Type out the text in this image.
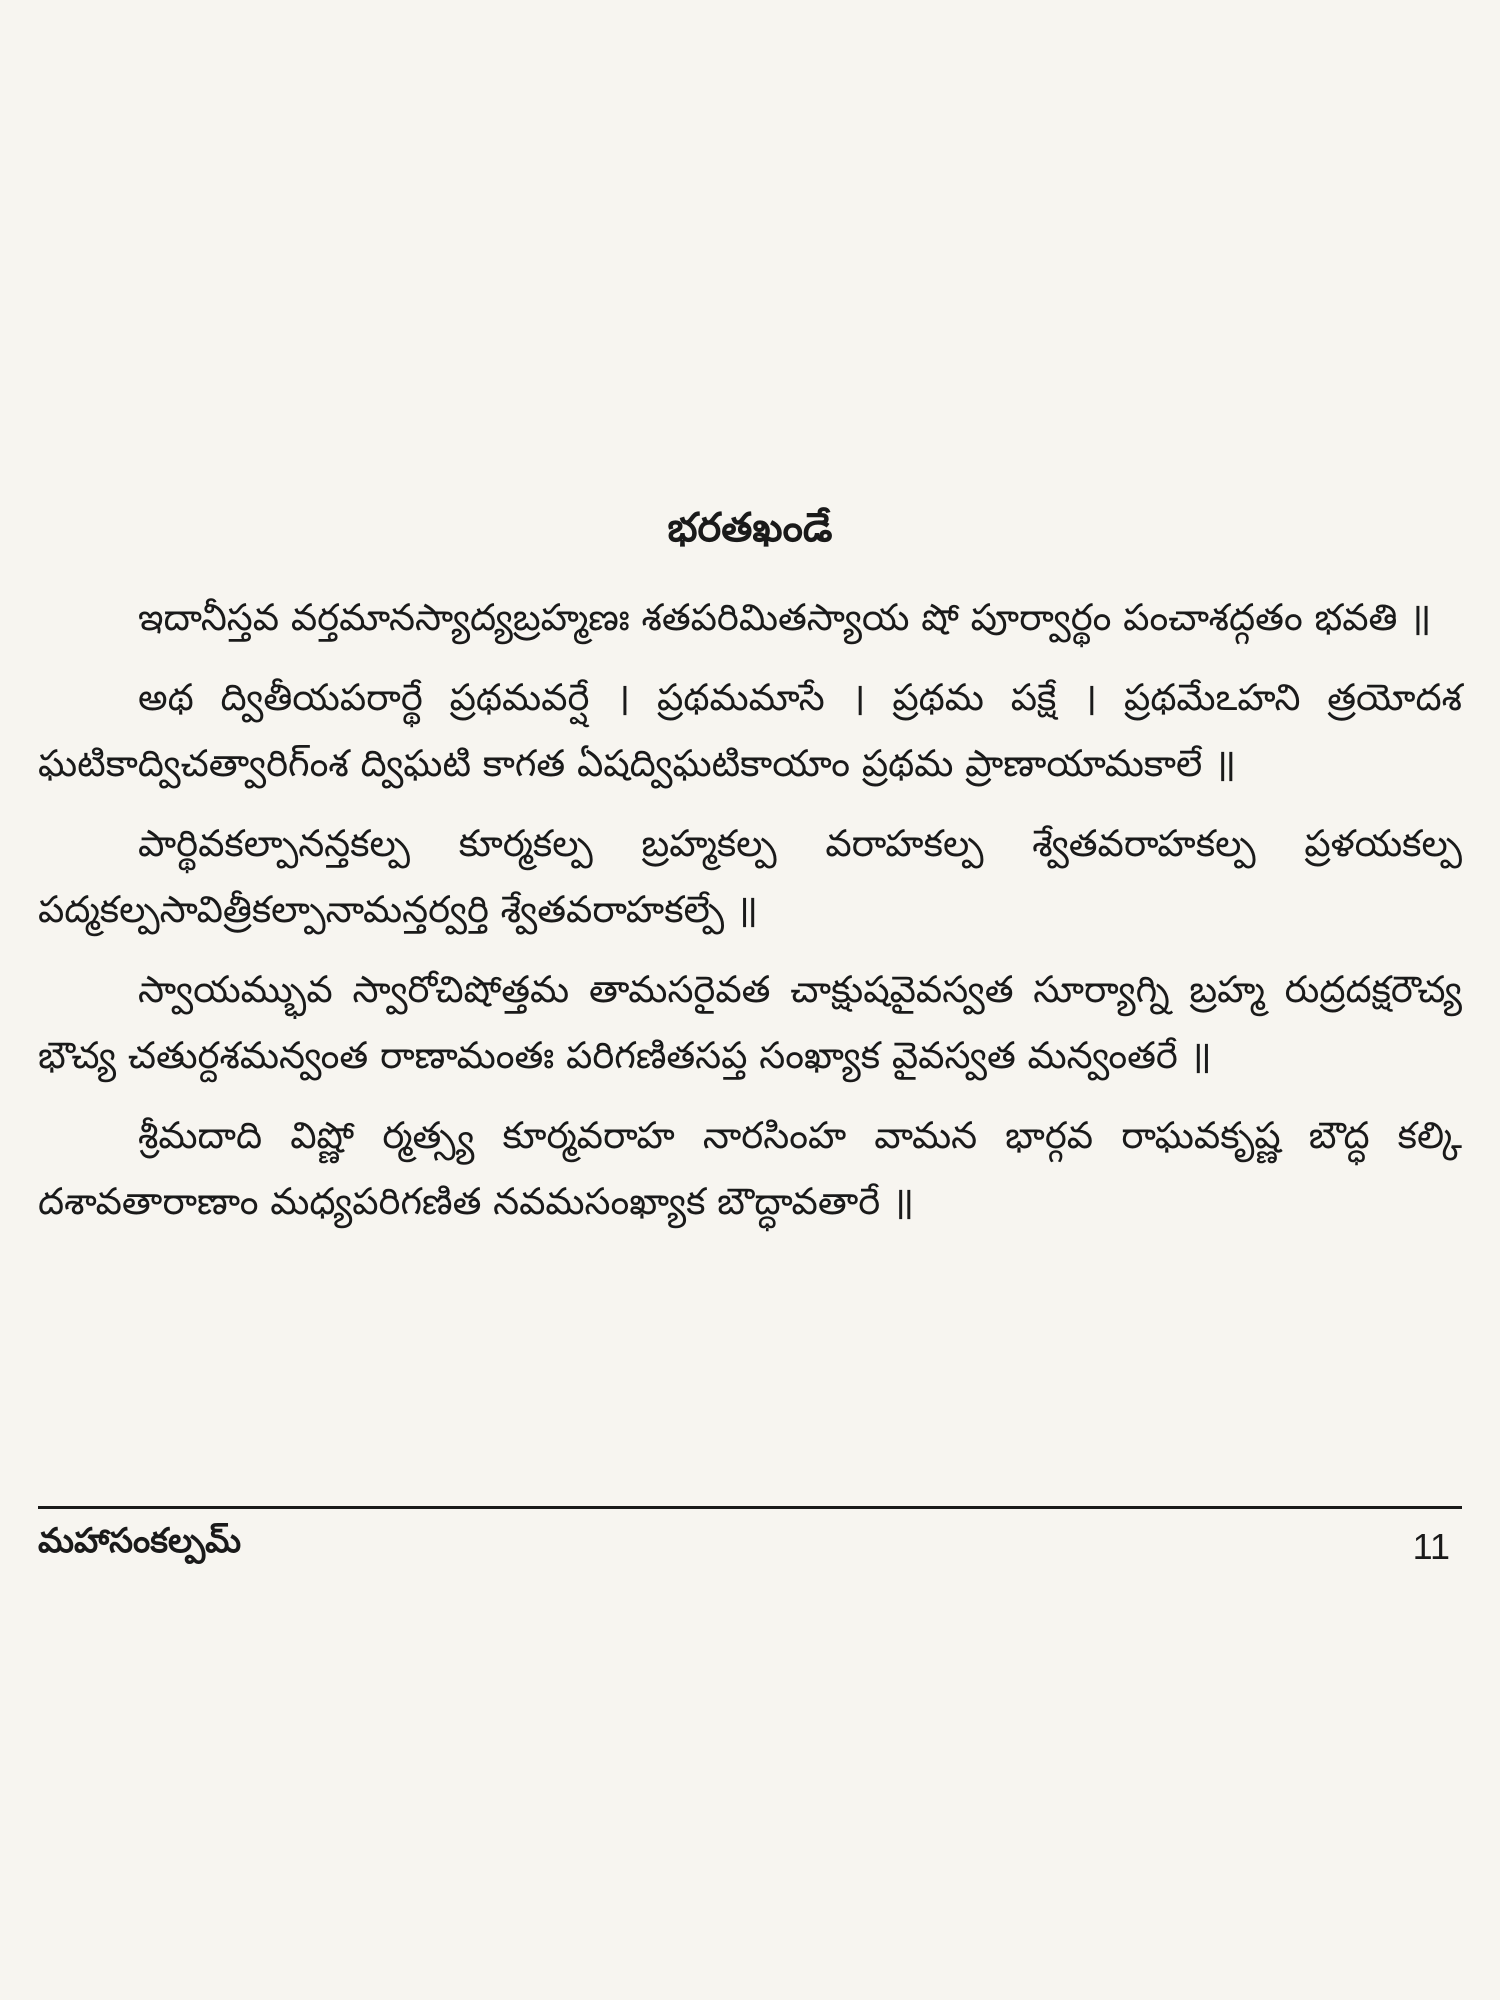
భరతఖండే

ఇదానీస్తవ వర్తమానస్యాద్యబ్రహ్మణః శతపరిమితస్యాయ షో పూర్వార్థం పంచాశద్గతం భవతి ॥

అథ ద్వితీయపరార్థే ప్రథమవర్షే । ప్రథమమాసే । ప్రథమ పక్షే । ప్రథమేఽహని త్రయోదశ ఘటికాద్విచత్వారిగ్ంశ ద్విఘటి కాగత ఏషద్విఘటికాయాం ప్రథమ ప్రాణాయామకాలే ॥

పార్థివకల్పానన్తకల్ప కూర్మకల్ప బ్రహ్మకల్ప వరాహకల్ప శ్వేతవరాహకల్ప ప్రళయకల్ప పద్మకల్పసావిత్రీకల్పానామన్తర్వర్తి శ్వేతవరాహకల్పే ॥

స్వాయమ్భువ స్వారోచిషోత్తమ తామసరైవత చాక్షుషవైవస్వత సూర్యాగ్ని బ్రహ్మ రుద్రదక్షరౌచ్య భౌచ్య చతుర్దశమన్వంత రాణామంతః పరిగణితసప్త సంఖ్యాక వైవస్వత మన్వంతరే ॥

శ్రీమదాది విష్ణో ర్మత్స్య కూర్మవరాహ నారసింహ వామన భార్గవ రాఘవకృష్ణ బౌద్ధ కల్కి దశావతారాణాం మధ్యపరిగణిత నవమసంఖ్యాక బౌద్ధావతారే ॥

మహాసంకల్పమ్	11
